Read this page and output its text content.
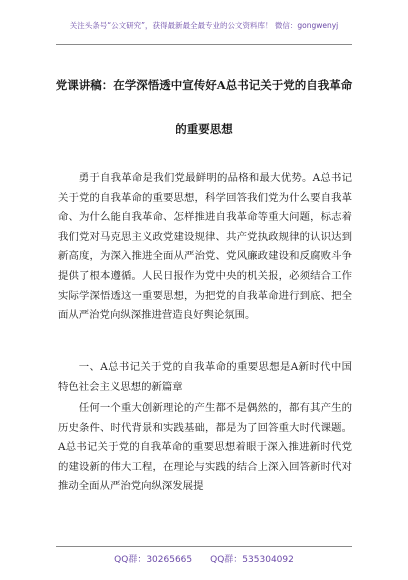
关注头条号“公文研究”，获得最新最全最专业的公文资料库！ 微信：gongwenyj
党课讲稿：在学深悟透中宣传好A总书记关于党的自我革命
的重要思想

勇于自我革命是我们党最鲜明的品格和最大优势。A总书记关于党的自我革命的重要思想，科学回答我们党为什么要自我革命、为什么能自我革命、怎样推进自我革命等重大问题，标志着我们党对马克思主义政党建设规律、共产党执政规律的认识达到新高度，为深入推进全面从严治党、党风廉政建设和反腐败斗争提供了根本遵循。人民日报作为党中央的机关报，必须结合工作实际学深悟透这一重要思想，为把党的自我革命进行到底、把全面从严治党向纵深推进营造良好舆论氛围。

一、A总书记关于党的自我革命的重要思想是A新时代中国特色社会主义思想的新篇章

任何一个重大创新理论的产生都不是偶然的，都有其产生的历史条件、时代背景和实践基础，都是为了回答重大时代课题。A总书记关于党的自我革命的重要思想着眼于深入推进新时代党的建设新的伟大工程，在理论与实践的结合上深入回答新时代对推动全面从严治党向纵深发展提

QQ群：30265665 QQ群：535304092
